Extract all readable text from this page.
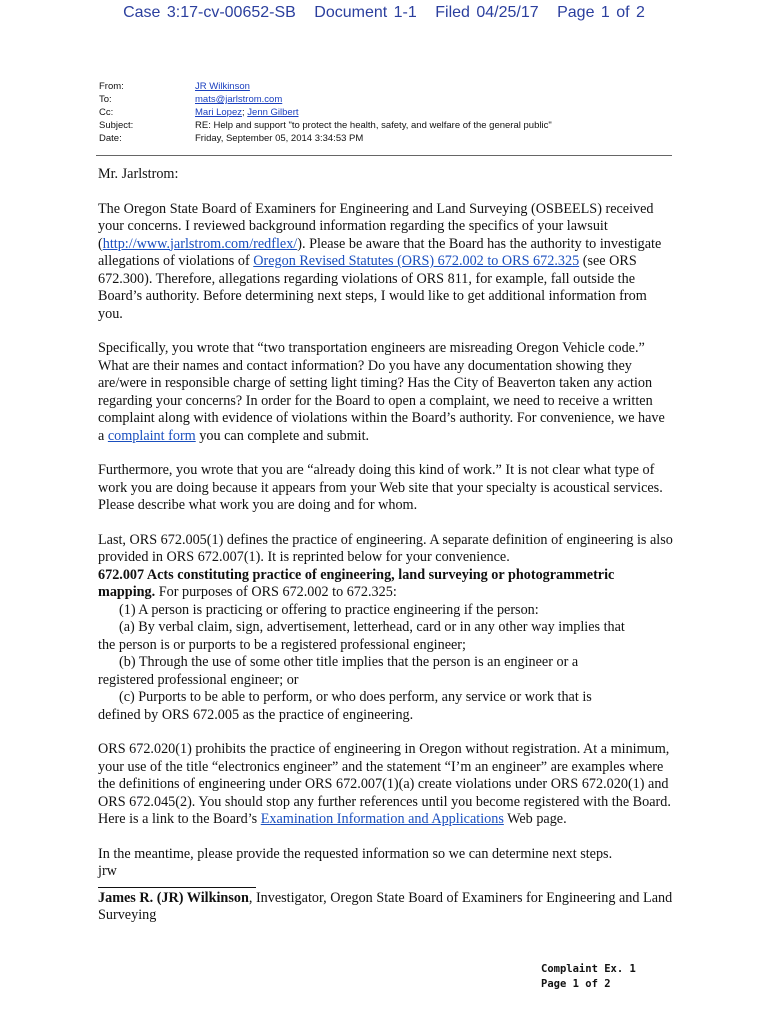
Case 3:17-cv-00652-SB Document 1-1 Filed 04/25/17 Page 1 of 2
From:	JR Wilkinson
To:	mats@jarlstrom.com
Cc:	Mari Lopez; Jenn Gilbert
Subject:	RE: Help and support "to protect the health, safety, and welfare of the general public"
Date:	Friday, September 05, 2014 3:34:53 PM

Mr. Jarlstrom:

The Oregon State Board of Examiners for Engineering and Land Surveying (OSBEELS) received your concerns. I reviewed background information regarding the specifics of your lawsuit (http://www.jarlstrom.com/redflex/). Please be aware that the Board has the authority to investigate allegations of violations of Oregon Revised Statutes (ORS) 672.002 to ORS 672.325 (see ORS 672.300). Therefore, allegations regarding violations of ORS 811, for example, fall outside the Board’s authority. Before determining next steps, I would like to get additional information from you.

Specifically, you wrote that “two transportation engineers are misreading Oregon Vehicle code.” What are their names and contact information? Do you have any documentation showing they are/were in responsible charge of setting light timing? Has the City of Beaverton taken any action regarding your concerns? In order for the Board to open a complaint, we need to receive a written complaint along with evidence of violations within the Board’s authority. For convenience, we have a complaint form you can complete and submit.

Furthermore, you wrote that you are “already doing this kind of work.” It is not clear what type of work you are doing because it appears from your Web site that your specialty is acoustical services. Please describe what work you are doing and for whom.

Last, ORS 672.005(1) defines the practice of engineering. A separate definition of engineering is also provided in ORS 672.007(1). It is reprinted below for your convenience.
672.007 Acts constituting practice of engineering, land surveying or photogrammetric mapping. For purposes of ORS 672.002 to 672.325:
(1) A person is practicing or offering to practice engineering if the person:
(a) By verbal claim, sign, advertisement, letterhead, card or in any other way implies that
the person is or purports to be a registered professional engineer;
(b) Through the use of some other title implies that the person is an engineer or a
registered professional engineer; or
(c) Purports to be able to perform, or who does perform, any service or work that is
defined by ORS 672.005 as the practice of engineering.

ORS 672.020(1) prohibits the practice of engineering in Oregon without registration. At a minimum, your use of the title “electronics engineer” and the statement “I’m an engineer” are examples where the definitions of engineering under ORS 672.007(1)(a) create violations under ORS 672.020(1) and ORS 672.045(2). You should stop any further references until you become registered with the Board. Here is a link to the Board’s Examination Information and Applications Web page.

In the meantime, please provide the requested information so we can determine next steps.
jrw

James R. (JR) Wilkinson, Investigator, Oregon State Board of Examiners for Engineering and Land Surveying
Complaint Ex. 1
Page 1 of 2
